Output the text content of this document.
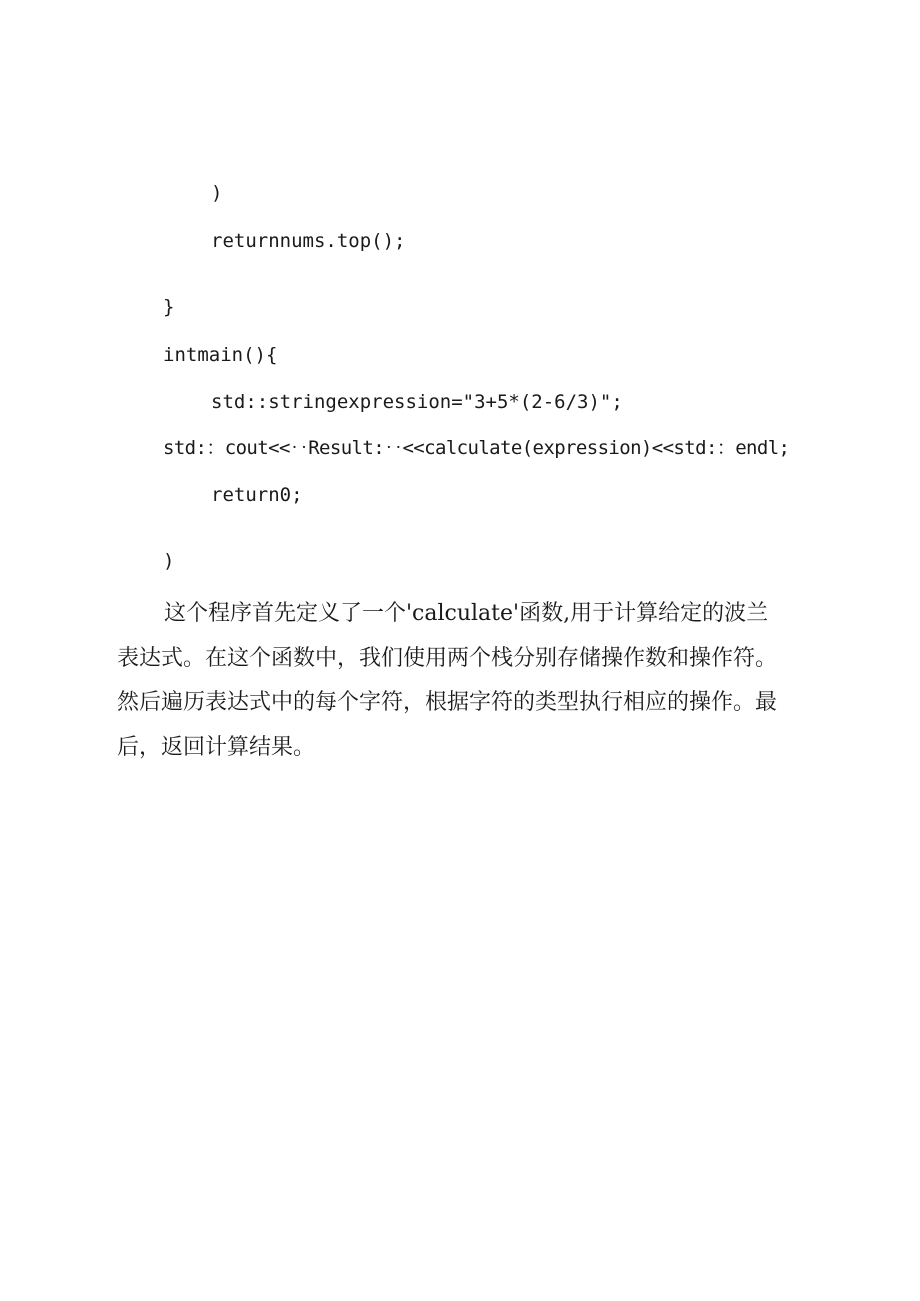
)
returnnums.top();
}
intmain(){
std::stringexpression="3+5*(2-6/3)";
std:：cout<<‥Result:‥<<calculate(expression)<<std:：endl;
return0;
)
这个程序首先定义了一个'calculate'函数,用于计算给定的波兰
表达式。在这个函数中，我们使用两个栈分别存储操作数和操作符。
然后遍历表达式中的每个字符，根据字符的类型执行相应的操作。最
后，返回计算结果。
